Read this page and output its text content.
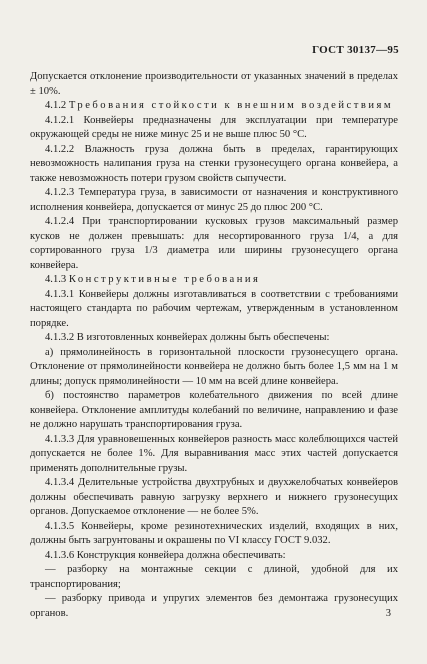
ГОСТ 30137—95

Допускается отклонение производительности от указанных значений в пределах ± 10%.

4.1.2 Требования стойкости к внешним воздействиям

4.1.2.1 Конвейеры предназначены для эксплуатации при температуре окружающей среды не ниже минус 25 и не выше плюс 50 °С.

4.1.2.2 Влажность груза должна быть в пределах, гарантирующих невозможность налипания груза на стенки грузонесущего органа конвейера, а также невозможность потери грузом свойств сыпучести.

4.1.2.3 Температура груза, в зависимости от назначения и конструктивного исполнения конвейера, допускается от минус 25 до плюс 200 °С.

4.1.2.4 При транспортировании кусковых грузов максимальный размер кусков не должен превышать: для несортированного груза 1/4, а для сортированного груза 1/3 диаметра или ширины грузонесущего органа конвейера.

4.1.3 Конструктивные требования

4.1.3.1 Конвейеры должны изготавливаться в соответствии с требованиями настоящего стандарта по рабочим чертежам, утвержденным в установленном порядке.

4.1.3.2 В изготовленных конвейерах должны быть обеспечены:

а) прямолинейность в горизонтальной плоскости грузонесущего органа. Отклонение от прямолинейности конвейера не должно быть более 1,5 мм на 1 м длины; допуск прямолинейности — 10 мм на всей длине конвейера.

б) постоянство параметров колебательного движения по всей длине конвейера. Отклонение амплитуды колебаний по величине, направлению и фазе не должно нарушать транспортирования груза.

4.1.3.3 Для уравновешенных конвейеров разность масс колеблющихся частей допускается не более 1%. Для выравнивания масс этих частей допускается применять дополнительные грузы.

4.1.3.4 Делительные устройства двухтрубных и двухжелобчатых конвейеров должны обеспечивать равную загрузку верхнего и нижнего грузонесущих органов. Допускаемое отклонение — не более 5%.

4.1.3.5 Конвейеры, кроме резинотехнических изделий, входящих в них, должны быть загрунтованы и окрашены по VI классу ГОСТ 9.032.

4.1.3.6 Конструкция конвейера должна обеспечивать:

— разборку на монтажные секции с длиной, удобной для их транспортирования;

— разборку привода и упругих элементов без демонтажа грузонесущих органов.	3
